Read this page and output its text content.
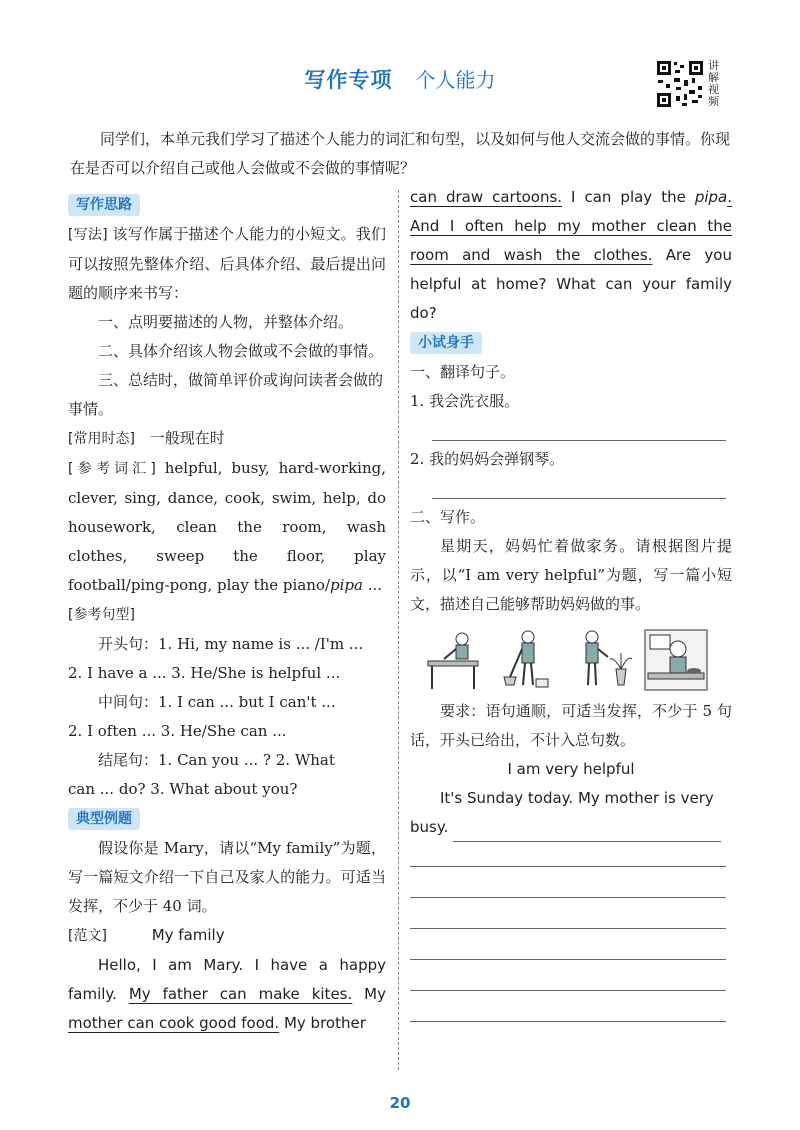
写作专项 个人能力
讲解视频
同学们，本单元我们学习了描述个人能力的词汇和句型，以及如何与他人交流会做的事情。你现在是否可以介绍自己或他人会做或不会做的事情呢？
写作思路

[写法] 该写作属于描述个人能力的小短文。我们可以按照先整体介绍、后具体介绍、最后提出问题的顺序来书写：

一、点明要描述的人物，并整体介绍。

二、具体介绍该人物会做或不会做的事情。

三、总结时，做简单评价或询问读者会做的事情。

[常用时态] 一般现在时

[参考词汇] helpful, busy, hard-working, clever, sing, dance, cook, swim, help, do housework, clean the room, wash clothes, sweep the floor, play football/ping-pong, play the piano/pipa ...

[参考句型]

开头句：1. Hi, my name is ... /I'm ...

2. I have a ... 3. He/She is helpful ...

中间句：1. I can ... but I can't ...

2. I often ... 3. He/She can ...

结尾句：1. Can you ... ? 2. What

can ... do? 3. What about you?

典型例题

假设你是 Mary，请以“My family”为题，写一篇短文介绍一下自己及家人的能力。可适当发挥，不少于 40 词。

[范文]	My family

Hello, I am Mary. I have a happy family. My father can make kites. My mother can cook good food. My brother

can draw cartoons. I can play the pipa. And I often help my mother clean the room and wash the clothes. Are you helpful at home? What can your family do?

小试身手

一、翻译句子。

1. 我会洗衣服。

2. 我的妈妈会弹钢琴。

二、写作。

星期天，妈妈忙着做家务。请根据图片提示，以“I am very helpful”为题，写一篇小短文，描述自己能够帮助妈妈做的事。

要求：语句通顺，可适当发挥，不少于 5 句话，开头已给出，不计入总句数。

I am very helpful

It's Sunday today. My mother is very

busy.

20
